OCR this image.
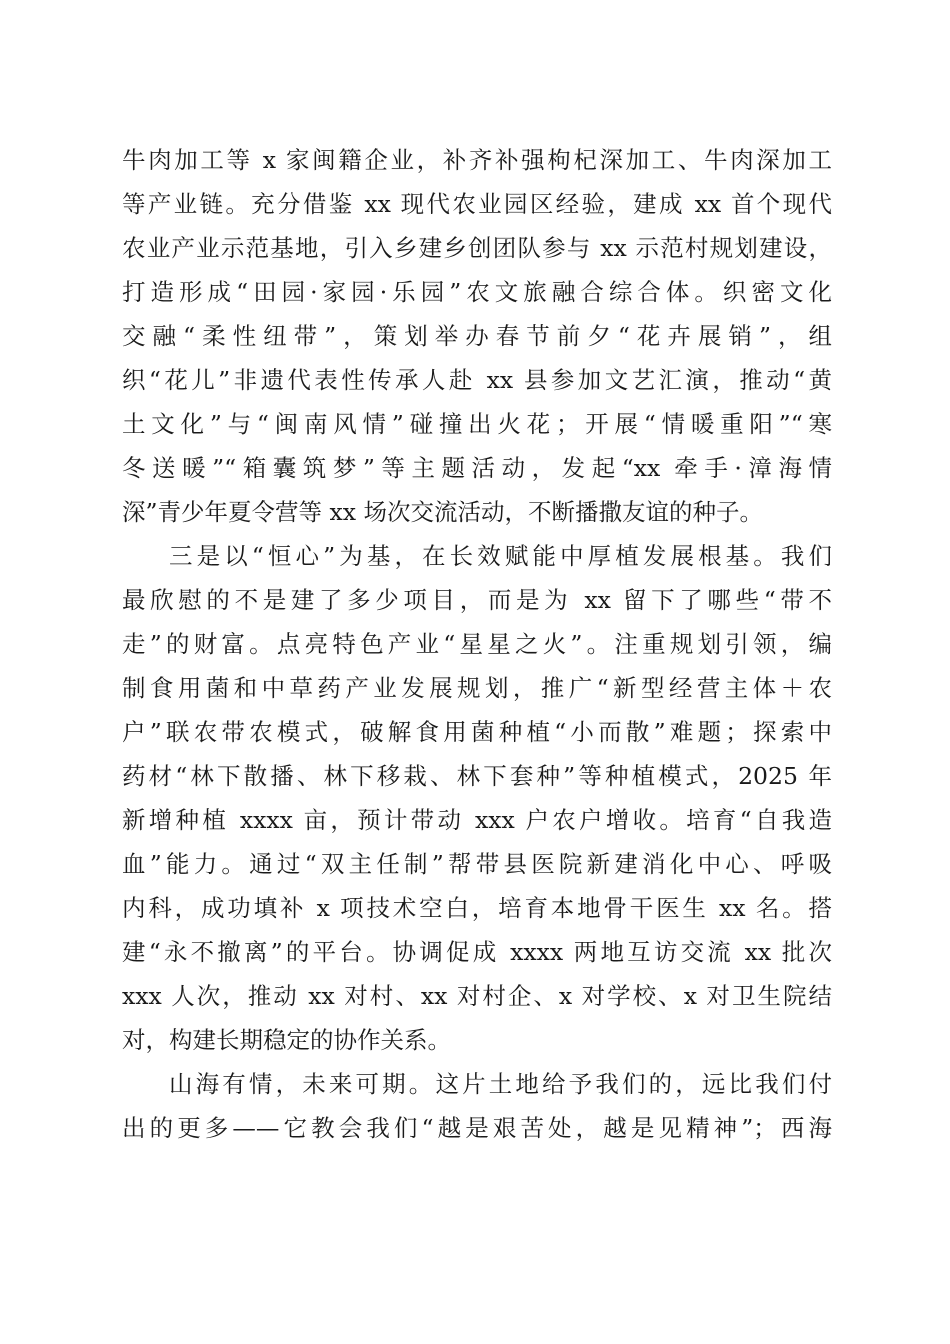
牛肉加工等 x 家闽籍企业，补齐补强枸杞深加工、牛肉深加工
等产业链。充分借鉴 xx 现代农业园区经验，建成 xx 首个现代
农业产业示范基地，引入乡建乡创团队参与 xx 示范村规划建设，
打造形成“田园·家园·乐园”农文旅融合综合体。织密文化
交融“柔性纽带”，策划举办春节前夕“花卉展销”，组
织“花儿”非遗代表性传承人赴 xx 县参加文艺汇演，推动“黄
土文化”与“闽南风情”碰撞出火花；开展“情暖重阳”“寒
冬送暖”“箱囊筑梦”等主题活动，发起“xx 牵手·漳海情
深”青少年夏令营等 xx 场次交流活动，不断播撒友谊的种子。
三是以“恒心”为基，在长效赋能中厚植发展根基。我们
最欣慰的不是建了多少项目，而是为 xx 留下了哪些“带不
走”的财富。点亮特色产业“星星之火”。注重规划引领，编
制食用菌和中草药产业发展规划，推广“新型经营主体＋农
户”联农带农模式，破解食用菌种植“小而散”难题；探索中
药材“林下散播、林下移栽、林下套种”等种植模式，2025 年
新增种植 xxxx 亩，预计带动 xxx 户农户增收。培育“自我造
血”能力。通过“双主任制”帮带县医院新建消化中心、呼吸
内科，成功填补 x 项技术空白，培育本地骨干医生 xx 名。搭
建“永不撤离”的平台。协调促成 xxxx 两地互访交流 xx 批次
xxx 人次，推动 xx 对村、xx 对村企、x 对学校、x 对卫生院结
对，构建长期稳定的协作关系。
山海有情，未来可期。这片土地给予我们的，远比我们付
出的更多——它教会我们“越是艰苦处，越是见精神”；西海
